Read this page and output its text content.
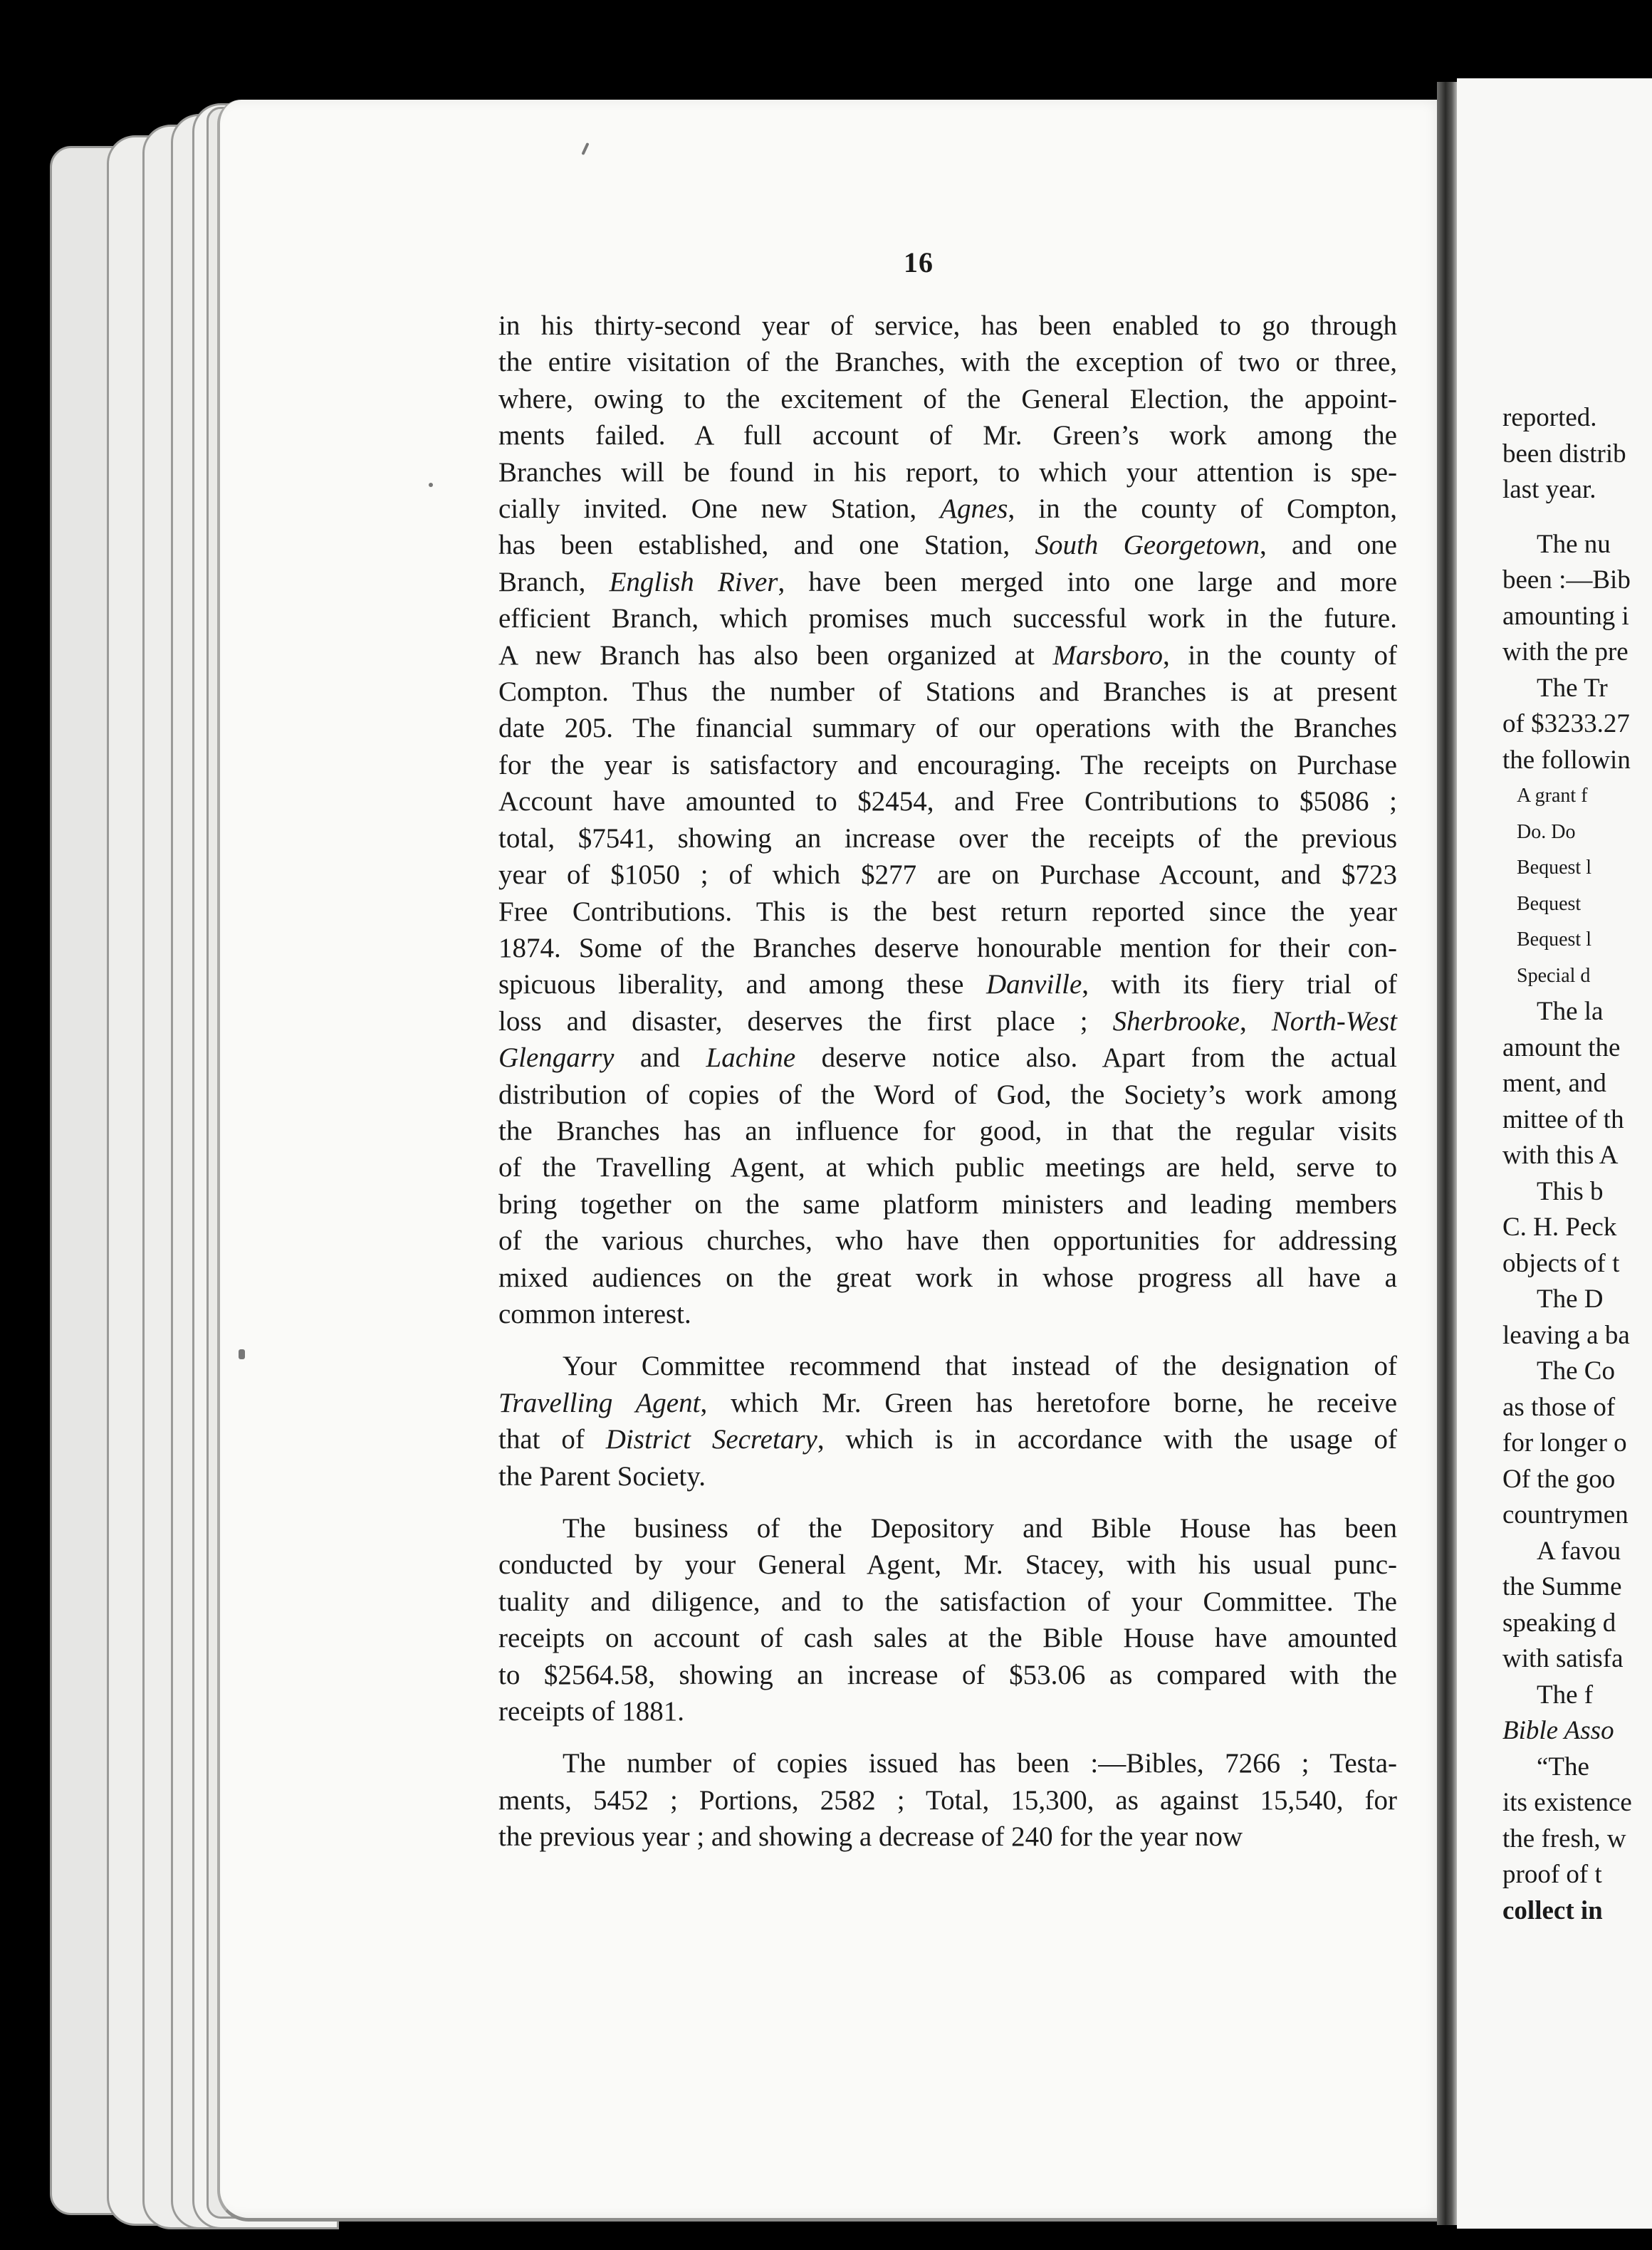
16
in his thirty-second year of service, has been enabled to go through
the entire visitation of the Branches, with the exception of two or three,
where, owing to the excitement of the General Election, the appoint-
ments failed. A full account of Mr. Green’s work among the
Branches will be found in his report, to which your attention is spe-
cially invited. One new Station, Agnes, in the county of Compton,
has been established, and one Station, South Georgetown, and one
Branch, English River, have been merged into one large and more
efficient Branch, which promises much successful work in the future.
A new Branch has also been organized at Marsboro, in the county of
Compton. Thus the number of Stations and Branches is at present
date 205. The financial summary of our operations with the Branches
for the year is satisfactory and encouraging. The receipts on Purchase
Account have amounted to $2454, and Free Contributions to $5086 ;
total, $7541, showing an increase over the receipts of the previous
year of $1050 ; of which $277 are on Purchase Account, and $723
Free Contributions. This is the best return reported since the year
1874. Some of the Branches deserve honourable mention for their con-
spicuous liberality, and among these Danville, with its fiery trial of
loss and disaster, deserves the first place ; Sherbrooke, North-West
Glengarry and Lachine deserve notice also. Apart from the actual
distribution of copies of the Word of God, the Society’s work among
the Branches has an influence for good, in that the regular visits
of the Travelling Agent, at which public meetings are held, serve to
bring together on the same platform ministers and leading members
of the various churches, who have then opportunities for addressing
mixed audiences on the great work in whose progress all have a
common interest.
Your Committee recommend that instead of the designation of
Travelling Agent, which Mr. Green has heretofore borne, he receive
that of District Secretary, which is in accordance with the usage of
the Parent Society.
The business of the Depository and Bible House has been
conducted by your General Agent, Mr. Stacey, with his usual punc-
tuality and diligence, and to the satisfaction of your Committee. The
receipts on account of cash sales at the Bible House have amounted
to $2564.58, showing an increase of $53.06 as compared with the
receipts of 1881.
The number of copies issued has been :—Bibles, 7266 ; Testa-
ments, 5452 ; Portions, 2582 ; Total, 15,300, as against 15,540, for
the previous year ; and showing a decrease of 240 for the year now
reported.
been distrib
last year.
The nu
been :—Bib
amounting i
with the pre
The Tr
of $3233.27
the followin
A grant f
Do. Do
Bequest l
Bequest
Bequest l
Special d
The la
amount the
ment, and
mittee of th
with this A
This b
C. H. Peck
objects of t
The D
leaving a ba
The Co
as those of
for longer o
Of the goo
countrymen
A favou
the Summe
speaking d
with satisfa
The f
Bible Asso
“The
its existence
the fresh, w
proof of t
collect in
